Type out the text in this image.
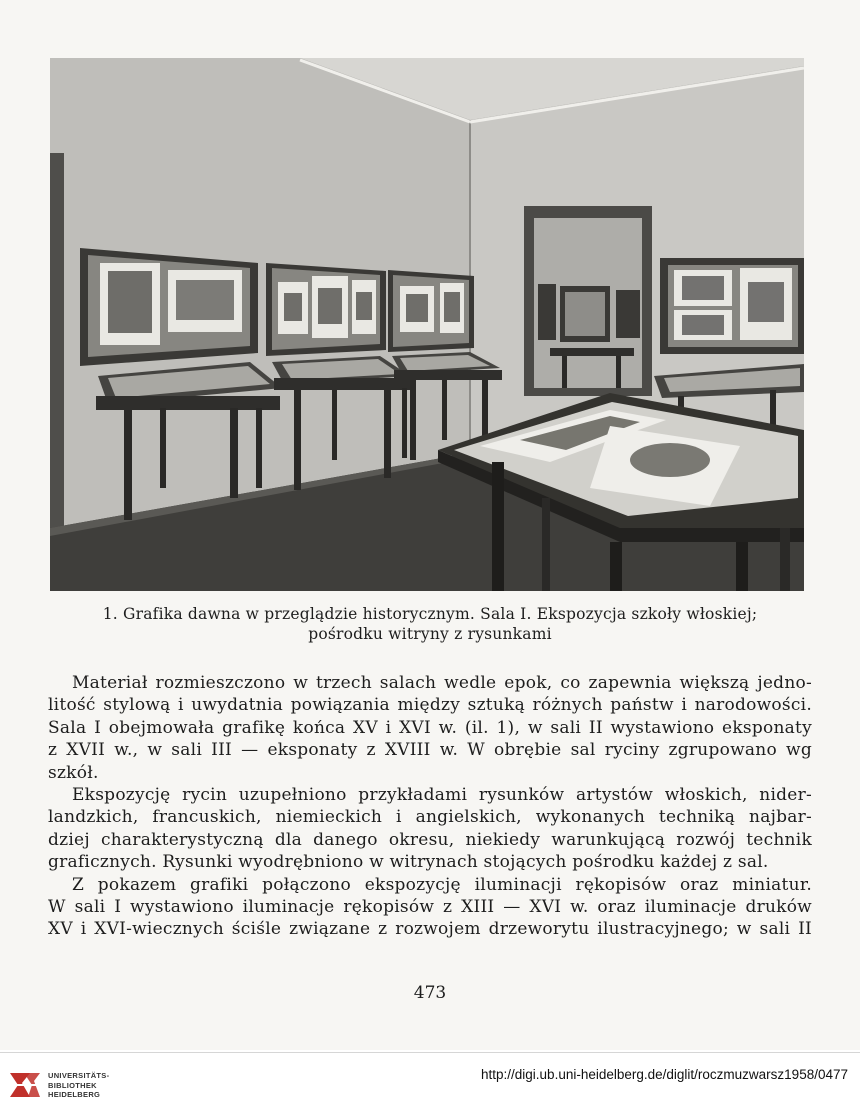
1. Grafika dawna w przeglądzie historycznym. Sala I. Ekspozycja szkoły włoskiej;
pośrodku witryny z rysunkami
Materiał rozmieszczono w trzech salach wedle epok, co zapewnia większą jedno-
litość stylową i uwydatnia powiązania między sztuką różnych państw i narodowości.
Sala I obejmowała grafikę końca XV i XVI w. (il. 1), w sali II wystawiono eksponaty
z XVII w., w sali III — eksponaty z XVIII w. W obrębie sal ryciny zgrupowano wg
szkół.
Ekspozycję rycin uzupełniono przykładami rysunków artystów włoskich, nider-
landzkich, francuskich, niemieckich i angielskich, wykonanych techniką najbar-
dziej charakterystyczną dla danego okresu, niekiedy warunkującą rozwój technik
graficznych. Rysunki wyodrębniono w witrynach stojących pośrodku każdej z sal.
Z pokazem grafiki połączono ekspozycję iluminacji rękopisów oraz miniatur.
W sali I wystawiono iluminacje rękopisów z XIII — XVI w. oraz iluminacje druków
XV i XVI-wiecznych ściśle związane z rozwojem drzeworytu ilustracyjnego; w sali II
473
UNIVERSITÄTS-
BIBLIOTHEK
HEIDELBERG
http://digi.ub.uni-heidelberg.de/diglit/roczmuzwarsz1958/0477
